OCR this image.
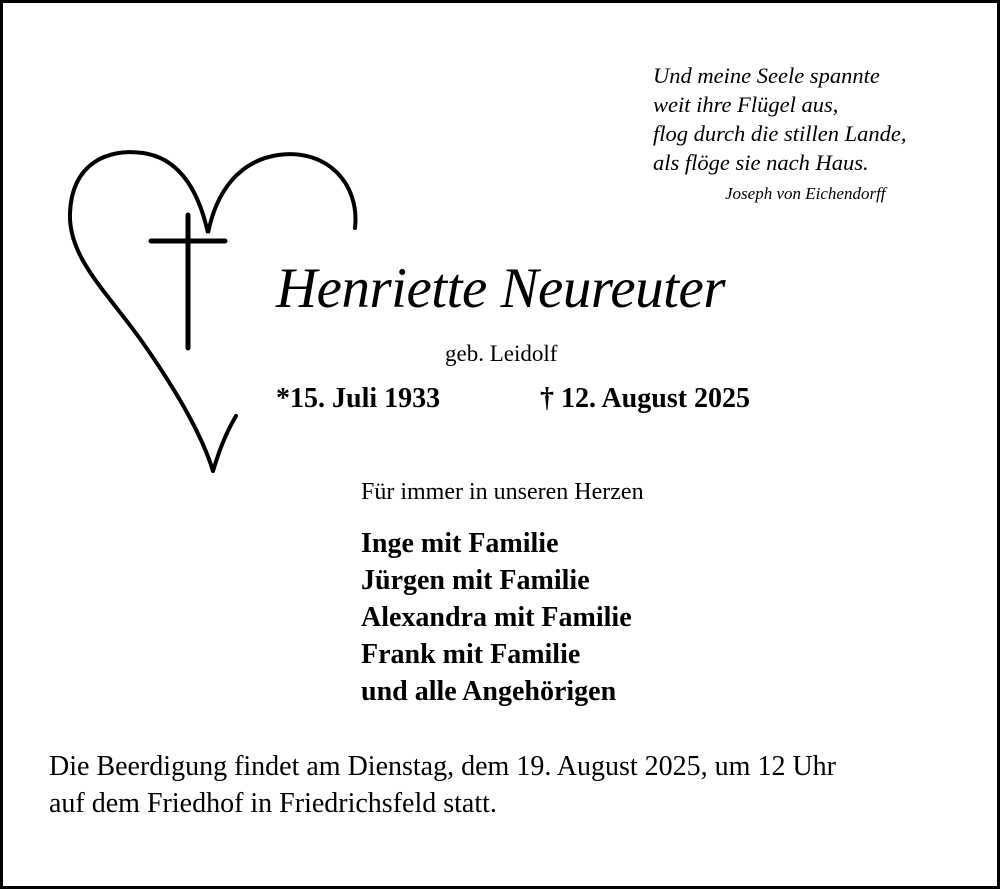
Und meine Seele spannte
weit ihre Flügel aus,
flog durch die stillen Lande,
als flöge sie nach Haus.
Joseph von Eichendorff
Henriette Neureuter
geb. Leidolf
*15. Juli 1933	† 12. August 2025
Für immer in unseren Herzen
Inge mit Familie
Jürgen mit Familie
Alexandra mit Familie
Frank mit Familie
und alle Angehörigen
Die Beerdigung findet am Dienstag, dem 19. August 2025, um 12 Uhr
auf dem Friedhof in Friedrichsfeld statt.
